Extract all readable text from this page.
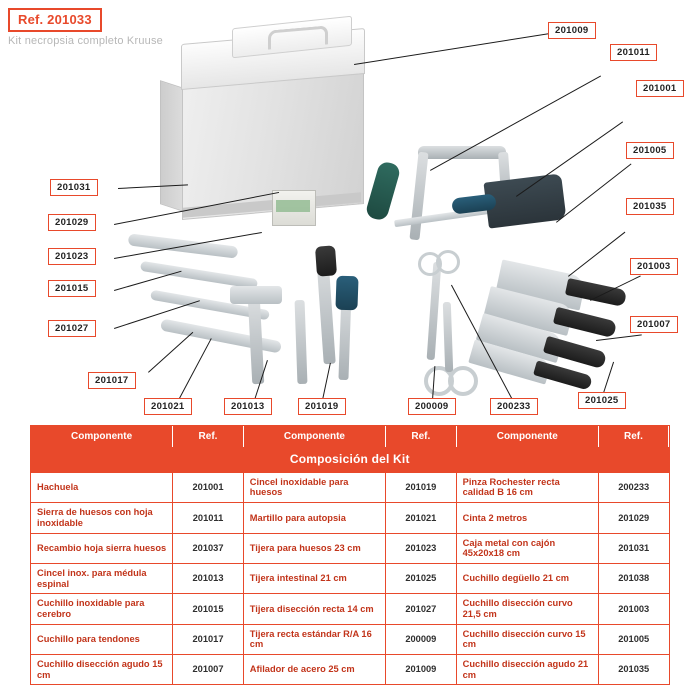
Ref. 201033
Kit necropsia completo Kruuse
201009
201011
201001
201005
201035
201003
201007
201031
201029
201023
201015
201027
201017
201021	201013	201019	200009	200233
201025
Composición del Kit					
Componente	Ref.	Componente	Ref.	Componente	Ref.
Hachuela	201001	Cincel inoxidable para huesos	201019	Pinza Rochester recta calidad B 16 cm	200233
Sierra de huesos con hoja inoxidable	201011	Martillo para autopsia	201021	Cinta 2 metros	201029
Recambio hoja sierra huesos	201037	Tijera para huesos 23 cm	201023	Caja metal con cajón 45x20x18 cm	201031
Cincel inox. para médula espinal	201013	Tijera intestinal 21 cm	201025	Cuchillo degüello 21 cm	201038
Cuchillo inoxidable para cerebro	201015	Tijera disección recta 14 cm	201027	Cuchillo disección curvo 21,5 cm	201003
Cuchillo para tendones	201017	Tijera recta estándar R/A 16 cm	200009	Cuchillo disección curvo 15 cm	201005
Cuchillo disección agudo 15 cm	201007	Afilador de acero 25 cm	201009	Cuchillo disección agudo 21 cm	201035
